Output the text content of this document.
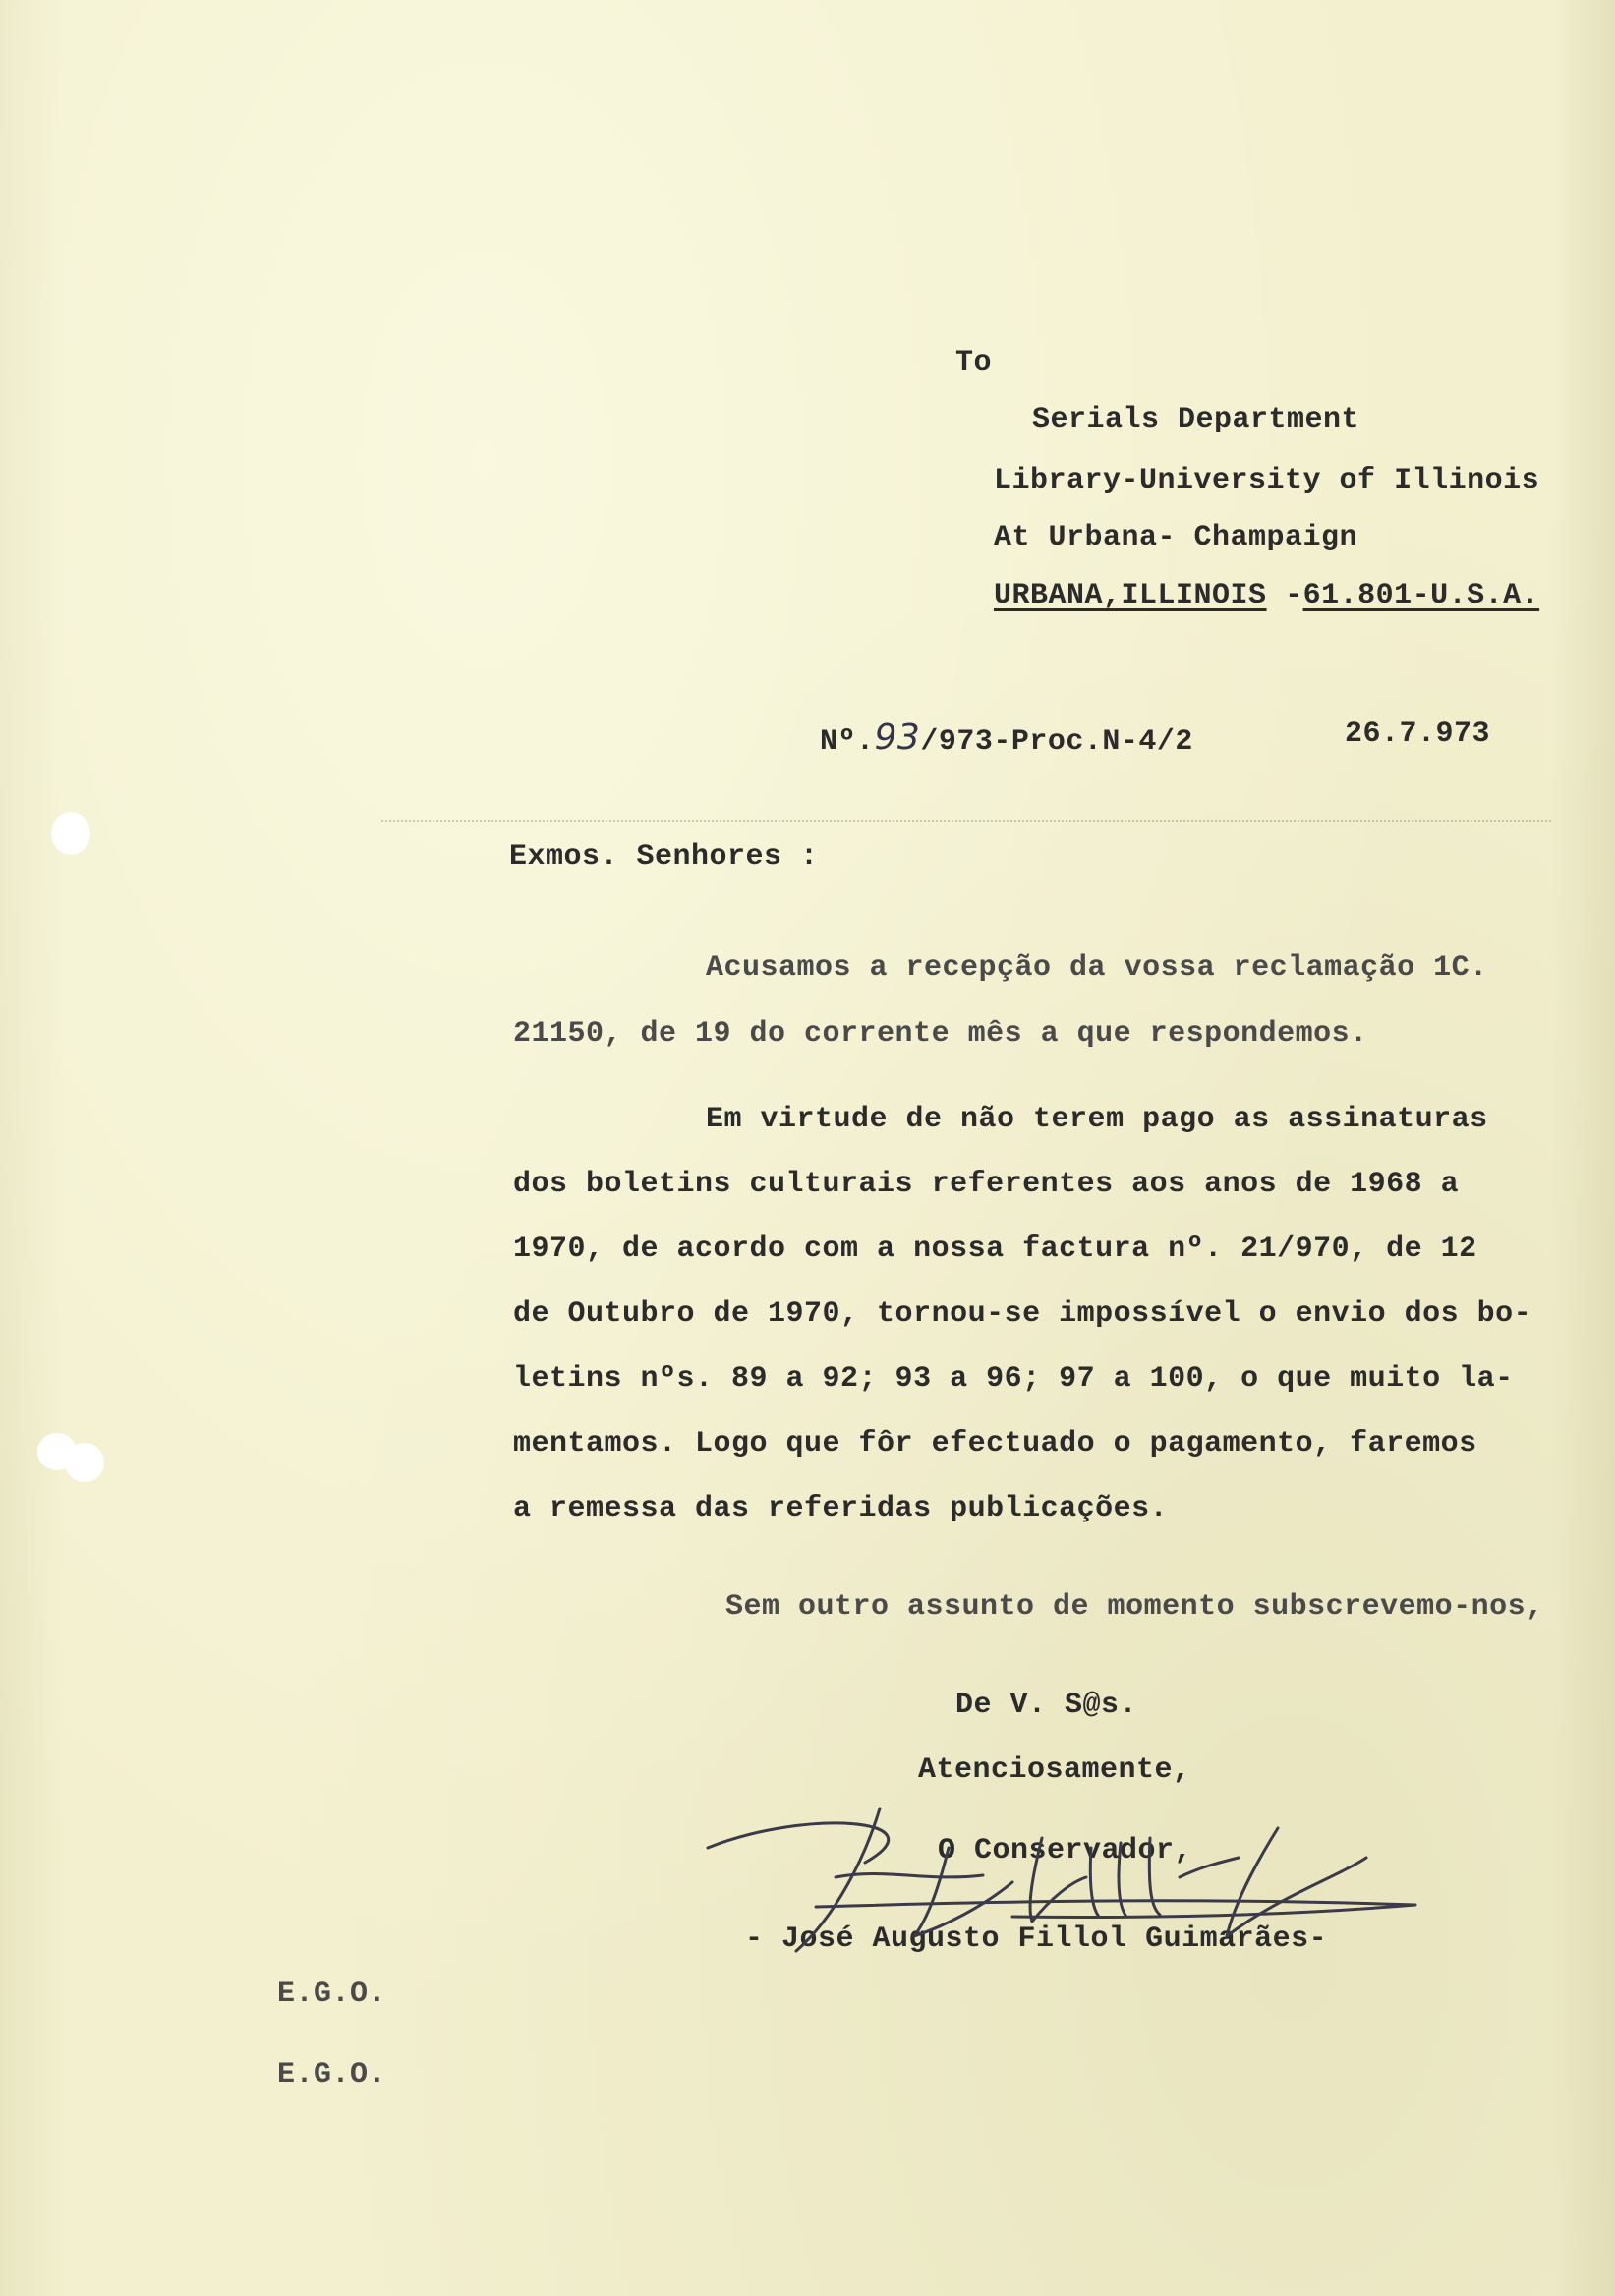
To
Serials Department
Library-University of Illinois
At Urbana- Champaign
URBANA,ILLINOIS -61.801-U.S.A.
Nº.93/973-Proc.N-4/2	26.7.973
Exmos. Senhores :
Acusamos a recepção da vossa reclamação 1C.
21150, de 19 do corrente mês a que respondemos.
Em virtude de não terem pago as assinaturas
dos boletins culturais referentes aos anos de 1968 a
1970, de acordo com a nossa factura nº. 21/970, de 12
de Outubro de 1970, tornou-se impossível o envio dos bo-
letins nºs. 89 a 92; 93 a 96; 97 a 100, o que muito la-
mentamos. Logo que fôr efectuado o pagamento, faremos
a remessa das referidas publicações.
Sem outro assunto de momento subscrevemo-nos,
De V. S@s.
Atenciosamente,
O Conservador,
- José Augusto Fillol Guimarães-
E.G.O.
E.G.O.
